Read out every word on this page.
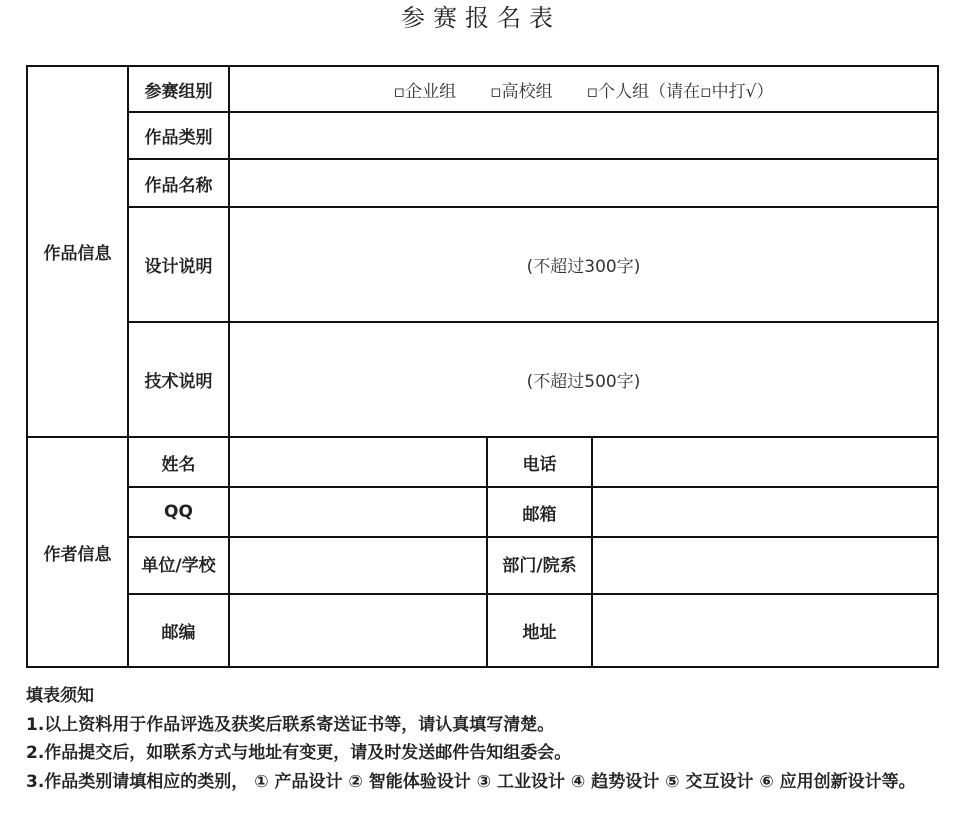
参赛报名表
作品信息	参赛组别	▫企业组　　▫高校组　　▫个人组（请在▫中打√）		
	作品类别			
	作品名称			
	设计说明	(不超过300字)		
	技术说明	(不超过500字)		
作者信息	姓名		电话	
	QQ		邮箱	
	单位/学校		部门/院系	
	邮编		地址	
填表须知
1.以上资料用于作品评选及获奖后联系寄送证书等，请认真填写清楚。
2.作品提交后，如联系方式与地址有变更，请及时发送邮件告知组委会。
3.作品类别请填相应的类别， ① 产品设计 ② 智能体验设计 ③ 工业设计 ④ 趋势设计 ⑤ 交互设计 ⑥ 应用创新设计等。
